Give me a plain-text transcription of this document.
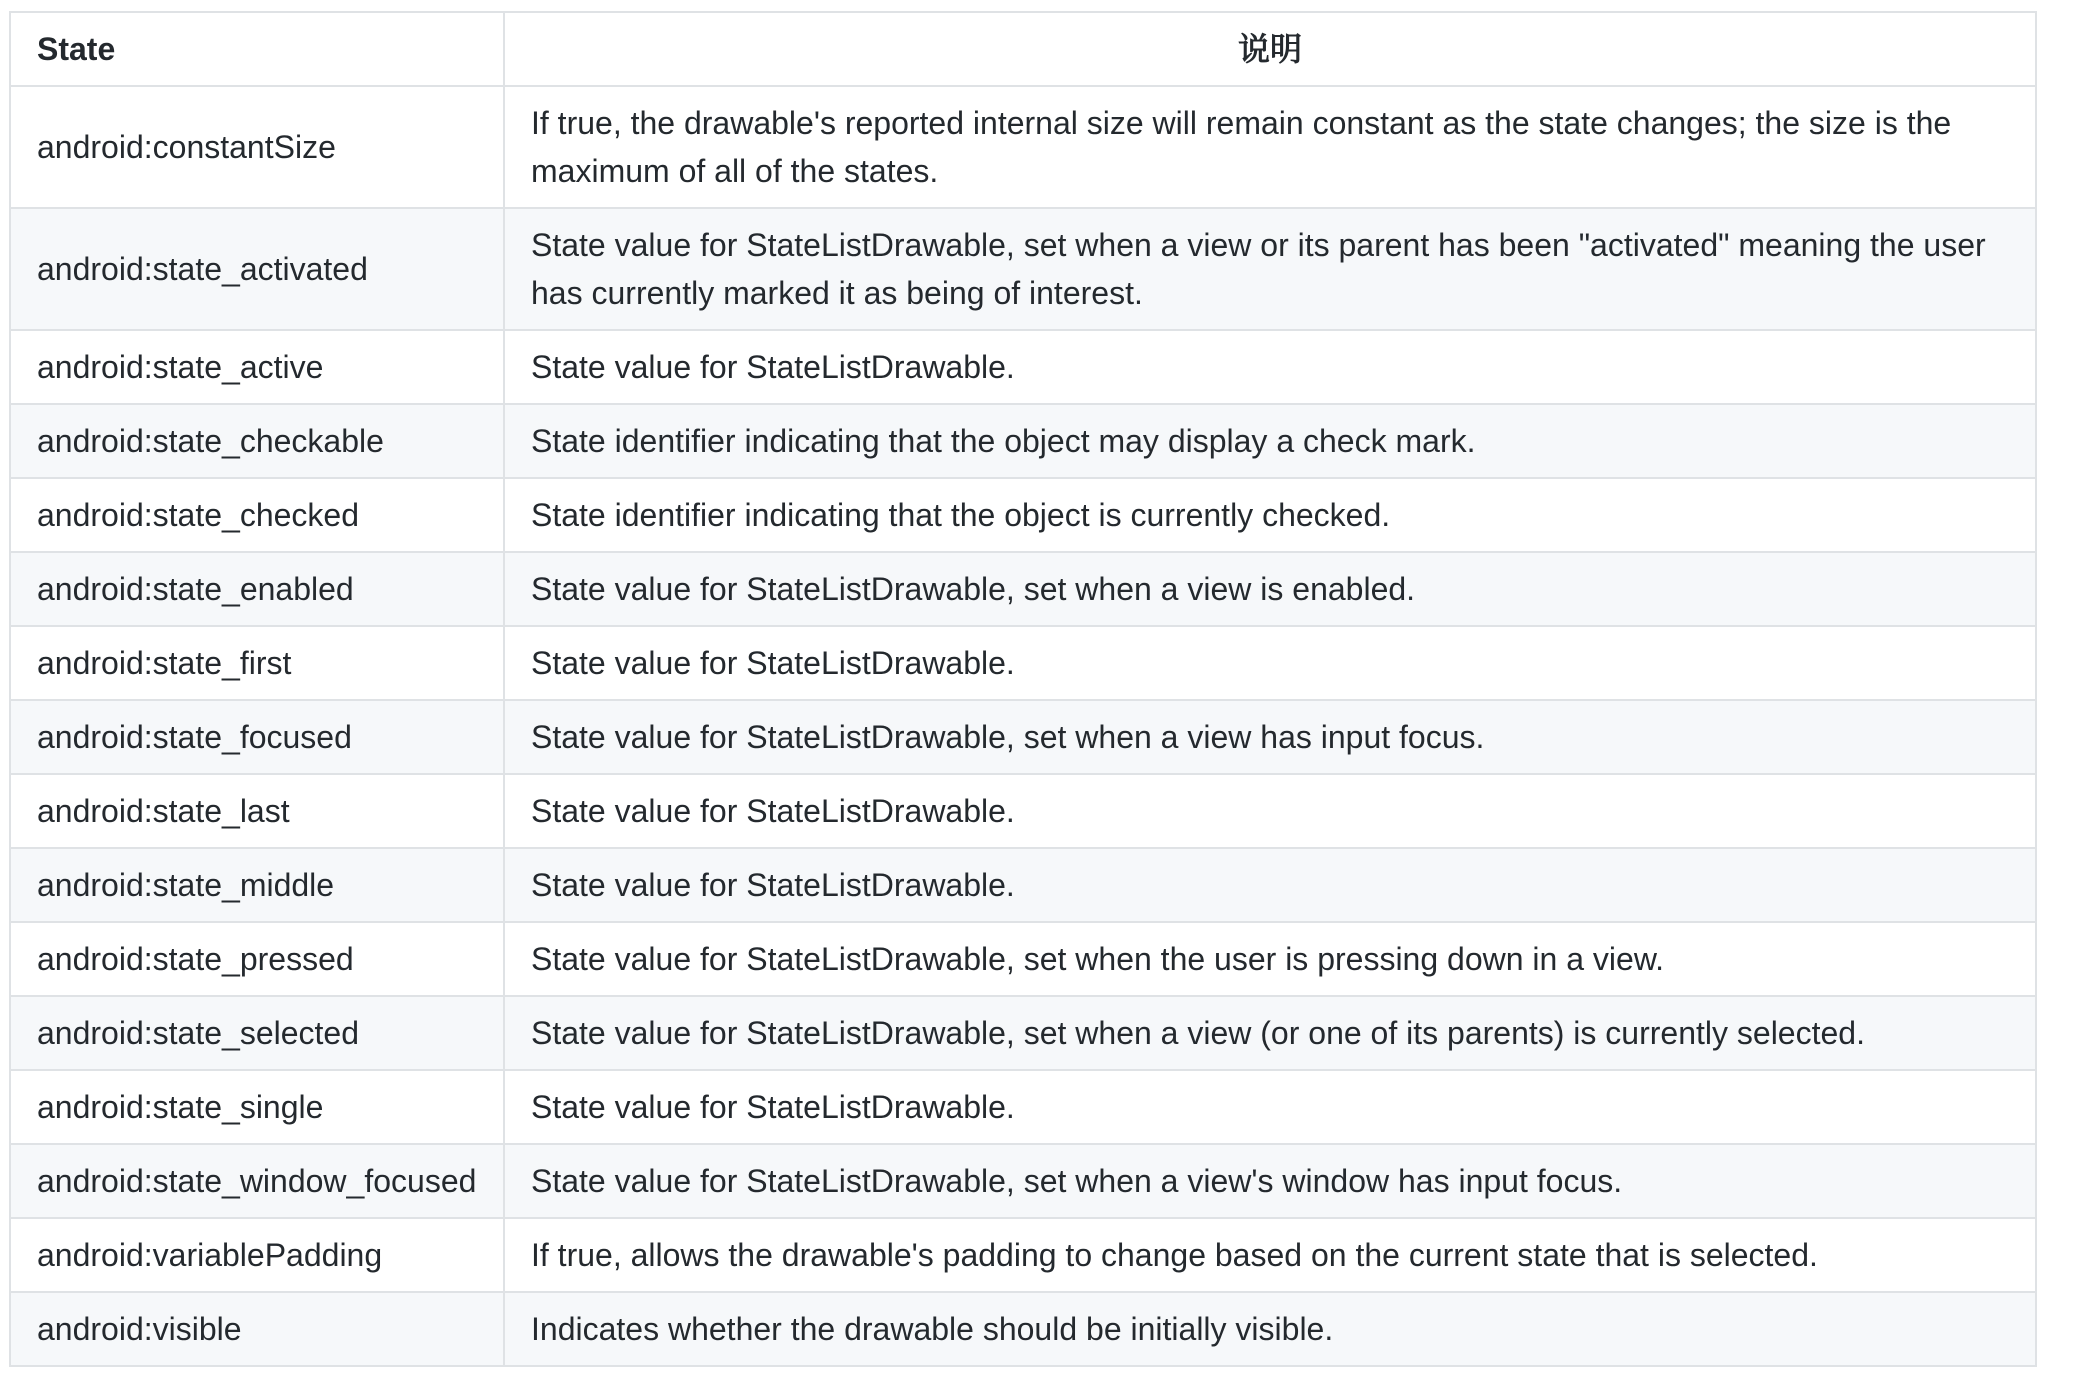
State	说明
android:constantSize	If true, the drawable's reported internal size will remain constant as the state changes; the size is the maximum of all of the states.
android:state_activated	State value for StateListDrawable, set when a view or its parent has been "activated" meaning the user has currently marked it as being of interest.
android:state_active	State value for StateListDrawable.
android:state_checkable	State identifier indicating that the object may display a check mark.
android:state_checked	State identifier indicating that the object is currently checked.
android:state_enabled	State value for StateListDrawable, set when a view is enabled.
android:state_first	State value for StateListDrawable.
android:state_focused	State value for StateListDrawable, set when a view has input focus.
android:state_last	State value for StateListDrawable.
android:state_middle	State value for StateListDrawable.
android:state_pressed	State value for StateListDrawable, set when the user is pressing down in a view.
android:state_selected	State value for StateListDrawable, set when a view (or one of its parents) is currently selected.
android:state_single	State value for StateListDrawable.
android:state_window_focused	State value for StateListDrawable, set when a view's window has input focus.
android:variablePadding	If true, allows the drawable's padding to change based on the current state that is selected.
android:visible	Indicates whether the drawable should be initially visible.
